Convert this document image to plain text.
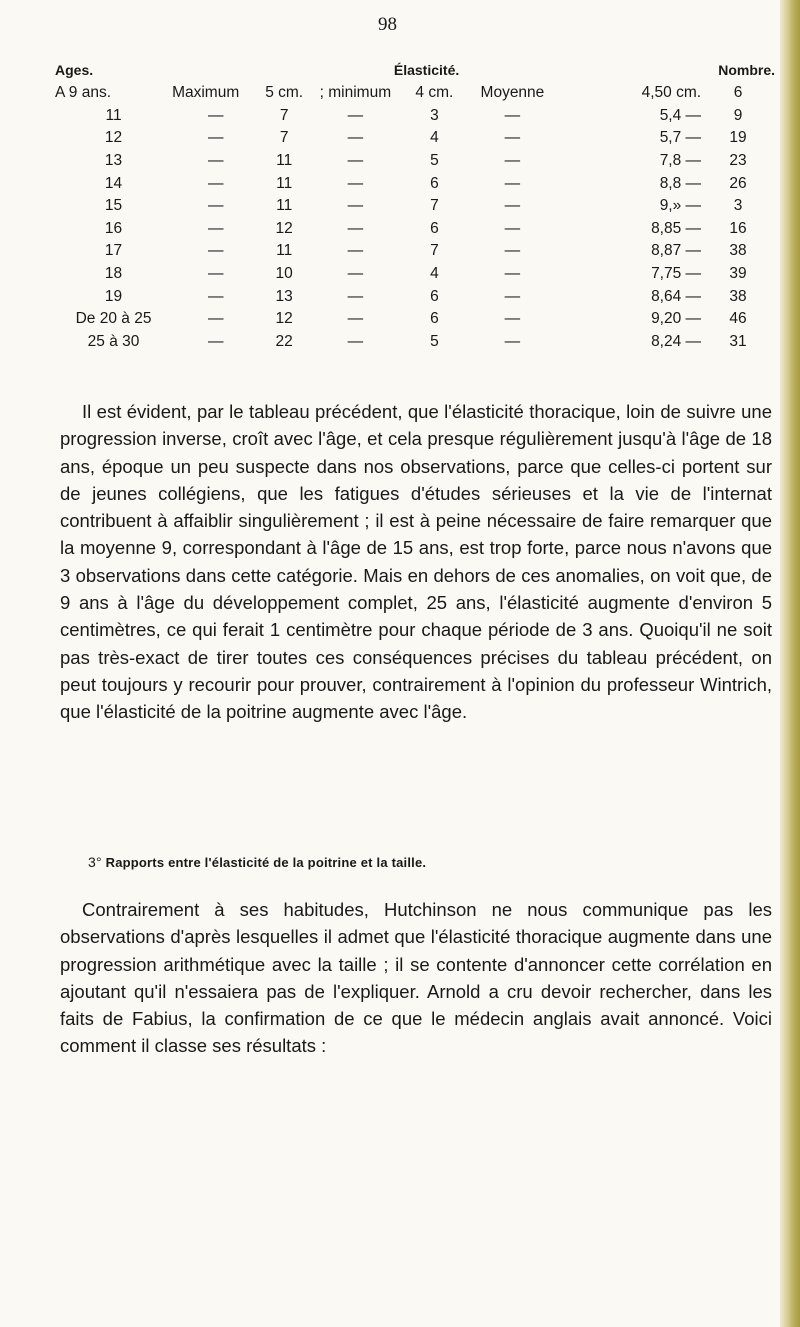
98
Ages.	Élasticité.						Nombre.
A 9 ans.	Maximum	5 cm.	; minimum	4 cm.	Moyenne	4,50 cm.	6
11	—	7	—	3	—	5,4 —	9
12	—	7	—	4	—	5,7 —	19
13	—	11	—	5	—	7,8 —	23
14	—	11	—	6	—	8,8 —	26
15	—	11	—	7	—	9,» —	3
16	—	12	—	6	—	8,85 —	16
17	—	11	—	7	—	8,87 —	38
18	—	10	—	4	—	7,75 —	39
19	—	13	—	6	—	8,64 —	38
De 20 à 25	—	12	—	6	—	9,20 —	46
25 à 30	—	22	—	5	—	8,24 —	31

Il est évident, par le tableau précédent, que l'élasticité thoracique, loin de suivre une progression inverse, croît avec l'âge, et cela presque régulièrement jusqu'à l'âge de 18 ans, époque un peu suspecte dans nos observations, parce que celles-ci portent sur de jeunes collégiens, que les fatigues d'études sérieuses et la vie de l'internat contribuent à affaiblir singulièrement ; il est à peine nécessaire de faire remarquer que la moyenne 9, correspondant à l'âge de 15 ans, est trop forte, parce nous n'avons que 3 observations dans cette catégorie. Mais en dehors de ces anomalies, on voit que, de 9 ans à l'âge du développement complet, 25 ans, l'élasticité augmente d'environ 5 centimètres, ce qui ferait 1 centimètre pour chaque période de 3 ans. Quoiqu'il ne soit pas très-exact de tirer toutes ces conséquences précises du tableau précédent, on peut toujours y recourir pour prouver, contrairement à l'opinion du professeur Wintrich, que l'élasticité de la poitrine augmente avec l'âge.

3° Rapports entre l'élasticité de la poitrine et la taille.

Contrairement à ses habitudes, Hutchinson ne nous communique pas les observations d'après lesquelles il admet que l'élasticité thoracique augmente dans une progression arithmétique avec la taille ; il se contente d'annoncer cette corrélation en ajoutant qu'il n'essaiera pas de l'expliquer. Arnold a cru devoir rechercher, dans les faits de Fabius, la confirmation de ce que le médecin anglais avait annoncé. Voici comment il classe ses résultats :
